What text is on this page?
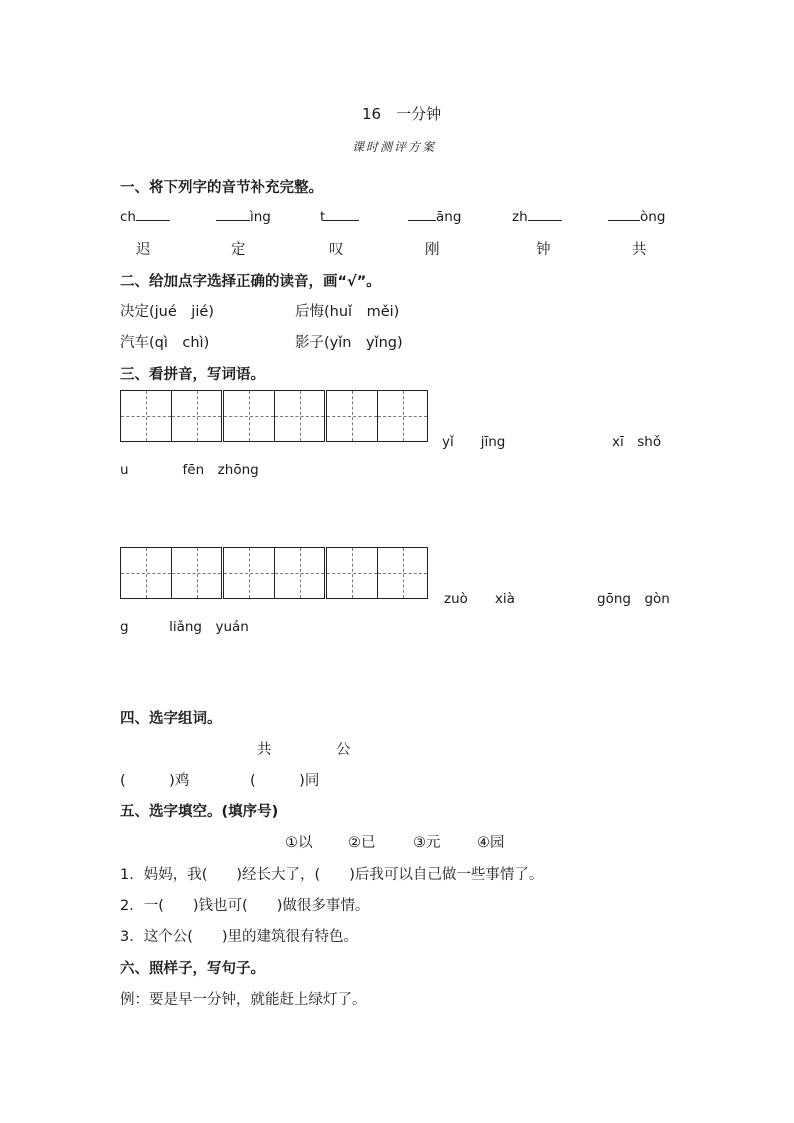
16　一分钟
课时测评方案
一、将下列字的音节补充完整。
ch	ìng	t	āng	zh	òng
迟	定	叹	刚	钟	共
二、给加点字选择正确的读音，画“√”。
决定(jué　jié)	后悔(huǐ　měi)
汽车(qì　chì)	影子(yǐn　yǐng)
三、看拼音，写词语。
yǐ　　jīng	xī　shǒ
u　　　　fēn　zhōng
zuò　　xià	gōng　gòn
g　　　liǎng　yuán
四、选字组词。
共	公
(　　　)鸡	(　　　)同
五、选字填空。(填序号)
①以 ②已	③元	④园
1．妈妈，我(　　)经长大了，(　　)后我可以自己做一些事情了。
2．一(　　)钱也可(　　)做很多事情。
3．这个公(　　)里的建筑很有特色。
六、照样子，写句子。
例：要是早一分钟，就能赶上绿灯了。
